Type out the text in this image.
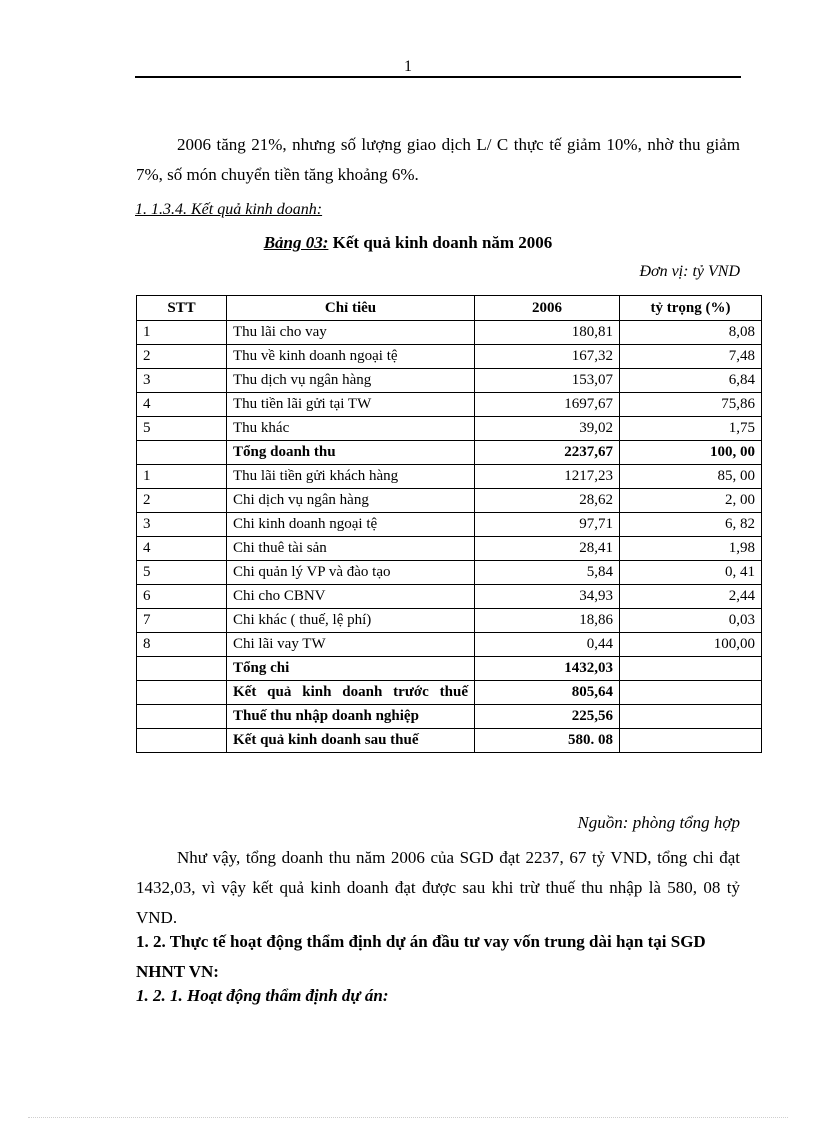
1
2006 tăng 21%, nhưng số lượng giao dịch L/ C thực tế giảm 10%, nhờ thu giảm 7%, số món chuyển tiền tăng khoảng 6%.
1. 1.3.4. Kết quả kinh doanh:
Bảng 03: Kết quả kinh doanh năm 2006
Đơn vị: tỷ VND
STT	Chỉ tiêu	2006	tỷ trọng (%)
1	Thu lãi cho vay	180,81	8,08
2	Thu về kinh doanh ngoại tệ	167,32	7,48
3	Thu dịch vụ ngân hàng	153,07	6,84
4	Thu tiền lãi gửi tại TW	1697,67	75,86
5	Thu khác	39,02	1,75
	Tổng doanh thu	2237,67	100, 00
1	Thu lãi tiền gửi khách hàng	1217,23	85, 00
2	Chi dịch vụ ngân hàng	28,62	2, 00
3	Chi kinh doanh ngoại tệ	97,71	6, 82
4	Chi thuê tài sản	28,41	1,98
5	Chi quản lý VP và đào tạo	5,84	0, 41
6	Chi cho CBNV	34,93	2,44
7	Chi khác ( thuế, lệ phí)	18,86	0,03
8	Chi lãi vay TW	0,44	100,00
	Tổng chi	1432,03	
	Kết quả kinh doanh trước thuế	805,64	
	Thuế thu nhập doanh nghiệp	225,56	
	Kết quả kinh doanh sau thuế	580. 08	
Nguồn: phòng tổng hợp
Như vậy, tổng doanh thu năm 2006 của SGD đạt 2237, 67 tỷ VND, tổng chi đạt 1432,03, vì vậy kết quả kinh doanh đạt được sau khi trừ thuế thu nhập là 580, 08 tỷ VND.
1. 2. Thực tế hoạt động thẩm định dự án đầu tư vay vốn trung dài hạn tại SGD NHNT VN:
1. 2. 1. Hoạt động thẩm định dự án:
